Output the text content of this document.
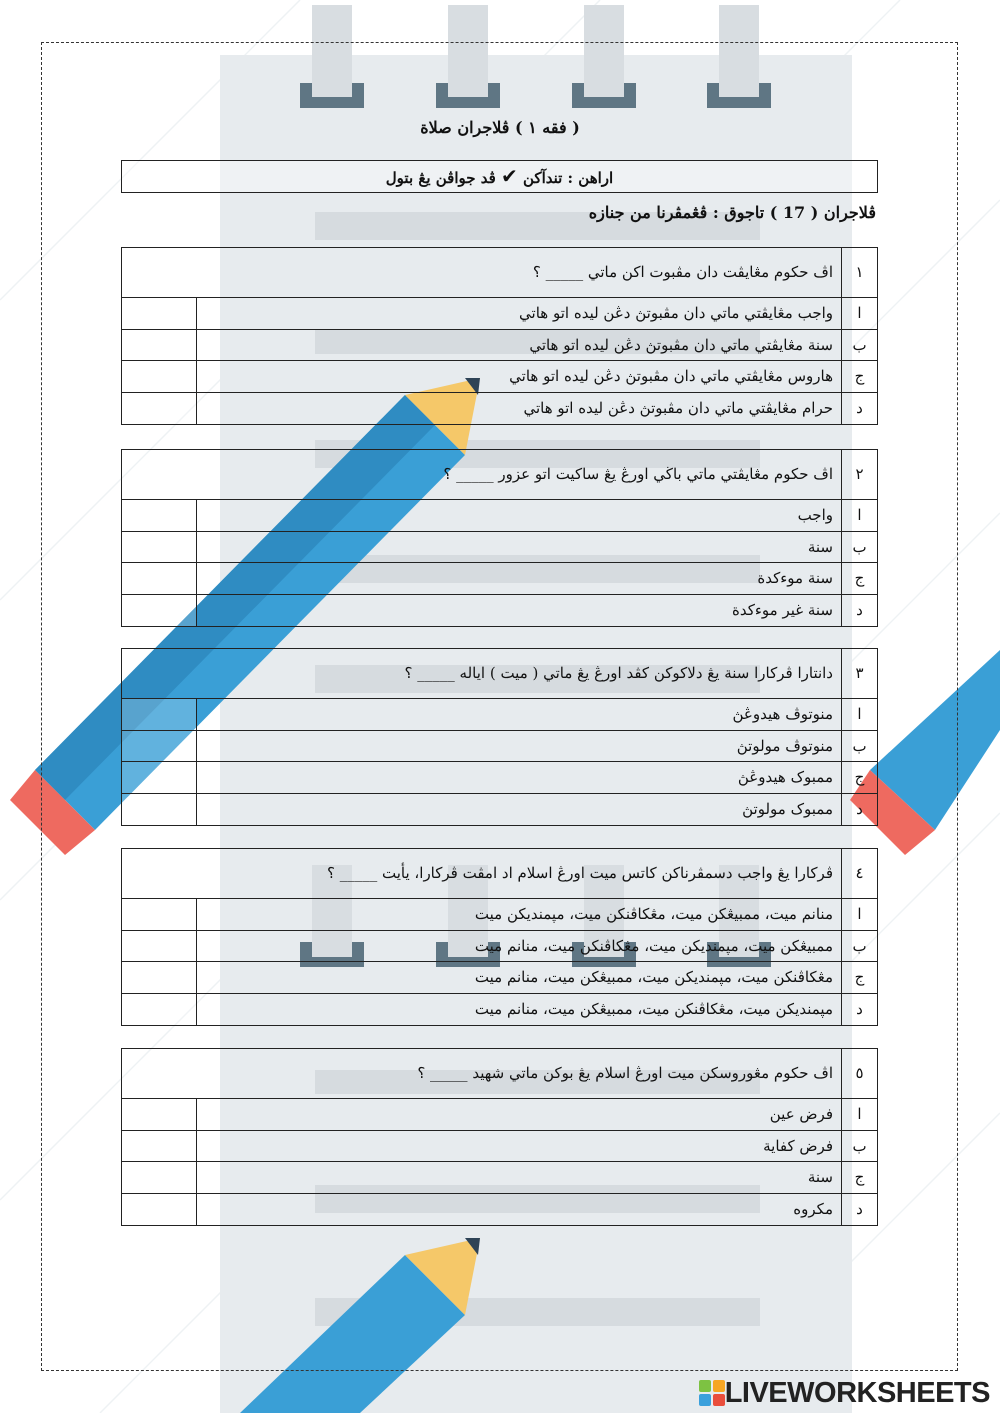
( فقه ١ ) ڤلاجران صلاة
اراهن : تندآكن ✔ ڤد جواڤن يڠ بتول
ڤلاجران ( 17 ) تاجوق : ڤڠمڤرنا من جنازه
١
اڤ حکوم مڠايڤت دان مڤبوت اکن ماتي _____ ؟
ا
واجب مڠايڤتي ماتي دان مڤبوتڽ دڠن ليده اتو هاتي
ب
سنة مڠايڤتي ماتي دان مڤبوتڽ دڠن ليده اتو هاتي
ج
هاروس مڠايڤتي ماتي دان مڤبوتڽ دڠن ليده اتو هاتي
د
حرام مڠايڤتي ماتي دان مڤبوتڽ دڠن ليده اتو هاتي
٢
اڤ حکوم مڠايڤتي ماتي باڬي اورڠ يڠ ساکيت اتو عزور _____ ؟
ا
واجب
ب
سنة
ج
سنة موءکدة
د
سنة غير موءکدة
٣
دانتارا ڤرکارا سنة يڠ دلاکوکن کڤد اورڠ يڠ ماتي ( ميت ) اياله _____ ؟
ا
منوتوڤ هيدوڠڽ
ب
منوتوڤ مولوتڽ
ج
ممبوک هيدوڠڽ
د
ممبوک مولوتڽ
٤
ڤرکارا يڠ واجب دسمڤرناکن کاتس ميت اورڠ اسلام اد امڤت ڤرکارا، يأيت _____ ؟
ا
منانم ميت، ممبيڠکن ميت، مڠکاڤنکن ميت، مڽمنديکن ميت
ب
ممبيڠکن ميت، مڽمنديکن ميت، مڠکاڤنکن ميت، منانم ميت
ج
مڠکاڤنکن ميت، مڽمنديکن ميت، ممبيڠکن ميت، منانم ميت
د
مڽمنديکن ميت، مڠکاڤنکن ميت، ممبيڠکن ميت، منانم ميت
٥
اڤ حکوم مڠوروسکن ميت اورڠ اسلام يڠ بوکن ماتي شهيد _____ ؟
ا
فرض عين
ب
فرض کفاية
ج
سنة
د
مکروه
LIVEWORKSHEETS
